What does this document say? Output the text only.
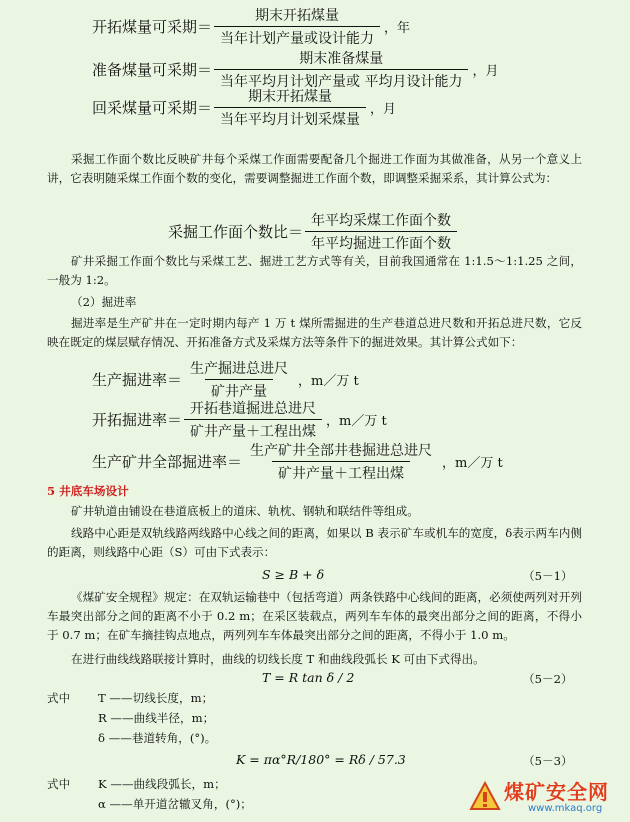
开拓煤量可采期＝ $\frac{\text{期末开拓煤量}}{\text{当年计划产量或设计能力}}$ ，年
准备煤量可采期＝ $\frac{\text{期末准备煤量}}{\text{当年平均月计划产量或 平均月设计能力}}$ ，月
回采煤量可采期＝ $\frac{\text{期末开拓煤量}}{\text{当年平均月计划采煤量}}$ ，月
采掘工作面个数比反映矿井每个采煤工作面需要配备几个掘进工作面为其做准备，从另一个意义上讲，它表明随采煤工作面个数的变化，需要调整掘进工作面个数，即调整采掘采系，其计算公式为：
采掘工作面个数比＝ $\frac{\text{年平均采煤工作面个数}}{\text{年平均掘进工作面个数}}$
矿井采掘工作面个数比与采煤工艺、掘进工艺方式等有关，目前我国通常在 1:1.5～1:1.25 之间，一般为 1:2。
（2）掘进率
掘进率是生产矿井在一定时期内每产 1 万 t 煤所需掘进的生产巷道总进尺数和开拓总进尺数，它反映在既定的煤层赋存情况、开拓准备方式及采煤方法等条件下的掘进效果。其计算公式如下：
生产掘进率＝ $\frac{\text{生产掘进总进尺}}{\text{矿井产量}}$ ，m／万 t
开拓掘进率＝ $\frac{\text{开拓巷道掘进总进尺}}{\text{矿井产量＋工程出煤}}$ ，m／万 t
生产矿井全部掘进率＝ $\frac{\text{生产矿井全部井巷掘进总进尺}}{\text{矿井产量＋工程出煤}}$ ，m／万 t
5 井底车场设计
矿井轨道由铺设在巷道底板上的道床、轨枕、钢轨和联结件等组成。
线路中心距是双轨线路两线路中心线之间的距离，如果以 B 表示矿车或机车的宽度，δ表示两车内侧的距离，则线路中心距（S）可由下式表示：
S ≥ B + δ	（5－1）
《煤矿安全规程》规定：在双轨运输巷中（包括弯道）两条铁路中心线间的距离，必须使两列对开列车最突出部分之间的距离不小于 0.2 m；在采区装载点，两列车车体的最突出部分之间的距离，不得小于 0.7 m；在矿车摘挂钩点地点，两列列车车体最突出部分之间的距离，不得小于 1.0 m。
在进行曲线线路联接计算时，曲线的切线长度 T 和曲线段弧长 K 可由下式得出。
T = R tan δ / 2	（5－2）
式中 T ——切线长度，m；
R ——曲线半径，m；
δ ——巷道转角，(°)。
K = πα°R/180° = Rδ / 57.3	（5－3）
式中 K ——曲线段弧长，m；
α ——单开道岔辙叉角，(°)；	煤矿安全网
www.mkaq.org
